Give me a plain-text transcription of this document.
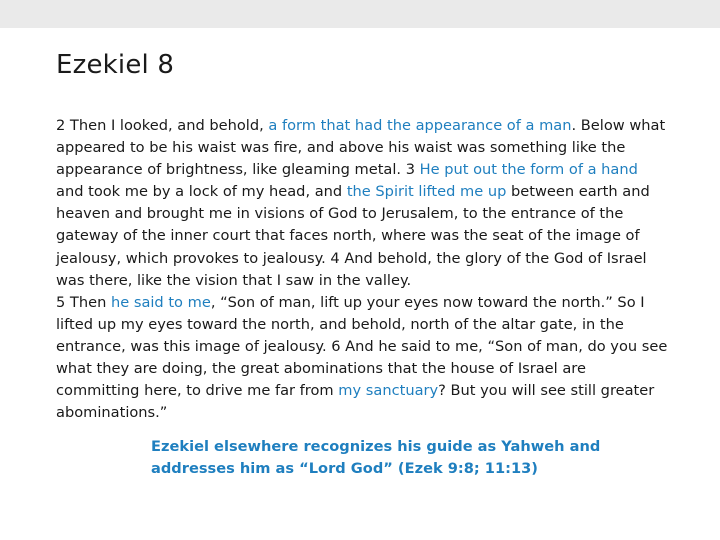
Ezekiel 8

2 Then I looked, and behold, a form that had the appearance of a man. Below what appeared to be his waist was fire, and above his waist was something like the appearance of brightness, like gleaming metal. 3 He put out the form of a hand and took me by a lock of my head, and the Spirit lifted me up between earth and heaven and brought me in visions of God to Jerusalem, to the entrance of the gateway of the inner court that faces north, where was the seat of the image of jealousy, which provokes to jealousy. 4 And behold, the glory of the God of Israel was there, like the vision that I saw in the valley.

5 Then he said to me, “Son of man, lift up your eyes now toward the north.” So I lifted up my eyes toward the north, and behold, north of the altar gate, in the entrance, was this image of jealousy. 6 And he said to me, “Son of man, do you see what they are doing, the great abominations that the house of Israel are committing here, to drive me far from my sanctuary? But you will see still greater abominations.”

Ezekiel elsewhere recognizes his guide as Yahweh and
addresses him as “Lord God” (Ezek 9:8; 11:13)
